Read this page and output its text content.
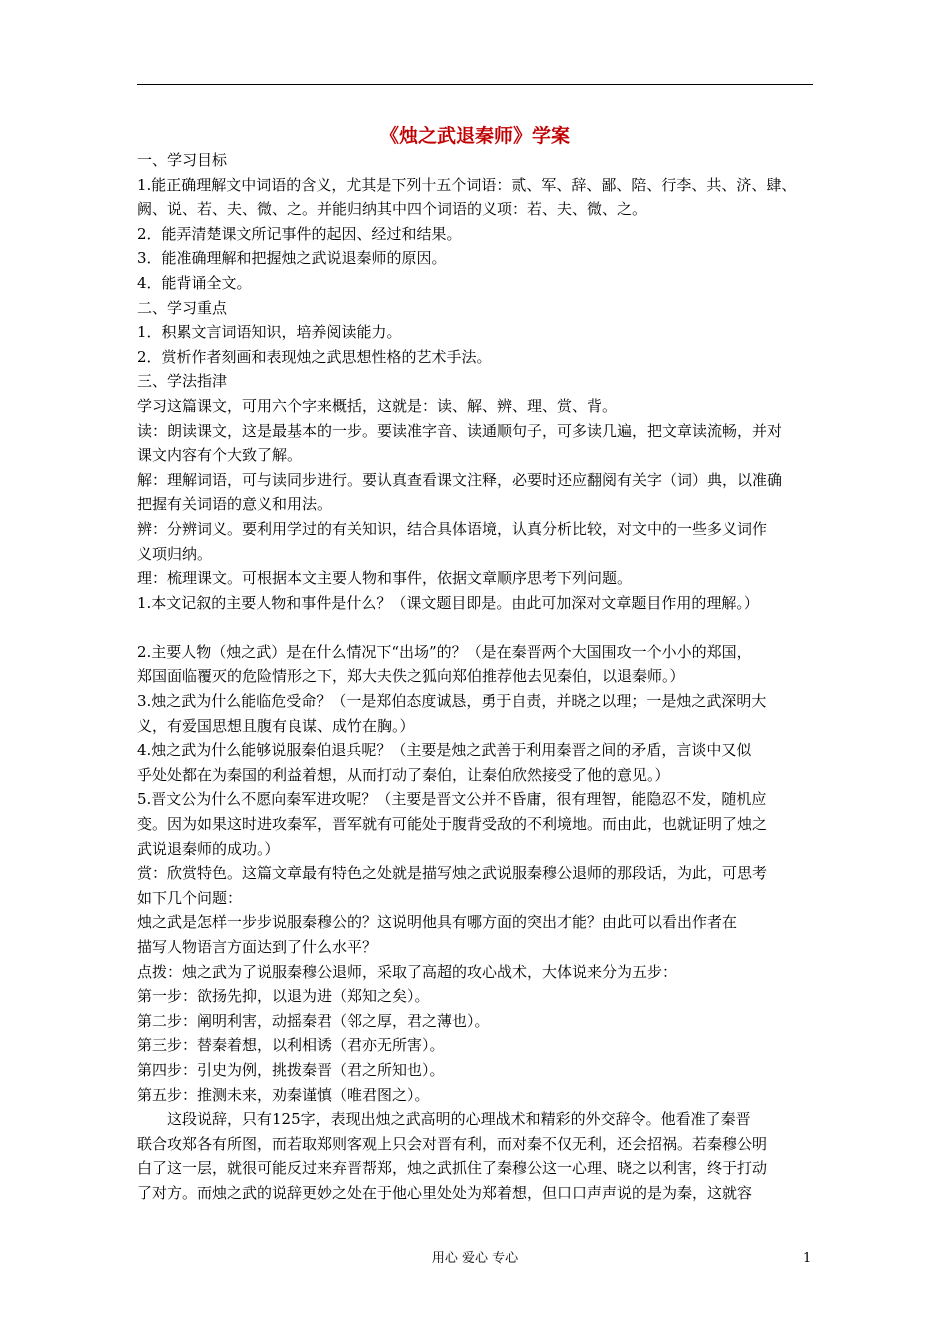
《烛之武退秦师》学案
一、学习目标
1.能正确理解文中词语的含义，尤其是下列十五个词语：贰、军、辞、鄙、陪、行李、共、济、肆、
阙、说、若、夫、微、之。并能归纳其中四个词语的义项：若、夫、微、之。
2．能弄清楚课文所记事件的起因、经过和结果。
3．能准确理解和把握烛之武说退秦师的原因。
4．能背诵全文。
二、学习重点
1．积累文言词语知识，培养阅读能力。
2．赏析作者刻画和表现烛之武思想性格的艺术手法。
三、学法指津
学习这篇课文，可用六个字来概括，这就是：读、解、辨、理、赏、背。
读：朗读课文，这是最基本的一步。要读准字音、读通顺句子，可多读几遍，把文章读流畅，并对
课文内容有个大致了解。
解：理解词语，可与读同步进行。要认真查看课文注释，必要时还应翻阅有关字（词）典，以准确
把握有关词语的意义和用法。
辨：分辨词义。要利用学过的有关知识，结合具体语境，认真分析比较，对文中的一些多义词作
义项归纳。
理：梳理课文。可根据本文主要人物和事件，依据文章顺序思考下列问题。
1.本文记叙的主要人物和事件是什么？（课文题目即是。由此可加深对文章题目作用的理解。）
2.主要人物（烛之武）是在什么情况下“出场”的？（是在秦晋两个大国围攻一个小小的郑国，
郑国面临覆灭的危险情形之下，郑大夫佚之狐向郑伯推荐他去见秦伯，以退秦师。）
3.烛之武为什么能临危受命？（一是郑伯态度诚恳，勇于自责，并晓之以理；一是烛之武深明大
义，有爱国思想且腹有良谋、成竹在胸。）
4.烛之武为什么能够说服秦伯退兵呢？（主要是烛之武善于利用秦晋之间的矛盾，言谈中又似
乎处处都在为秦国的利益着想，从而打动了秦伯，让秦伯欣然接受了他的意见。）
5.晋文公为什么不愿向秦军进攻呢？（主要是晋文公并不昏庸，很有理智，能隐忍不发，随机应
变。因为如果这时进攻秦军，晋军就有可能处于腹背受敌的不利境地。而由此，也就证明了烛之
武说退秦师的成功。）
赏：欣赏特色。这篇文章最有特色之处就是描写烛之武说服秦穆公退师的那段话，为此，可思考
如下几个问题：
烛之武是怎样一步步说服秦穆公的？这说明他具有哪方面的突出才能？由此可以看出作者在
描写人物语言方面达到了什么水平？
点拨：烛之武为了说服秦穆公退师，采取了高超的攻心战术，大体说来分为五步：
第一步：欲扬先抑，以退为进（郑知之矣）。
第二步：阐明利害，动摇秦君（邻之厚，君之薄也）。
第三步：替秦着想，以利相诱（君亦无所害）。
第四步：引史为例，挑拨秦晋（君之所知也）。
第五步：推测未来，劝秦谨慎（唯君图之）。
　　这段说辞，只有125字，表现出烛之武高明的心理战术和精彩的外交辞令。他看准了秦晋
联合攻郑各有所图，而若取郑则客观上只会对晋有利，而对秦不仅无利，还会招祸。若秦穆公明
白了这一层，就很可能反过来弃晋帮郑，烛之武抓住了秦穆公这一心理、晓之以利害，终于打动
了对方。而烛之武的说辞更妙之处在于他心里处处为郑着想，但口口声声说的是为秦，这就容
用心 爱心 专心	1
